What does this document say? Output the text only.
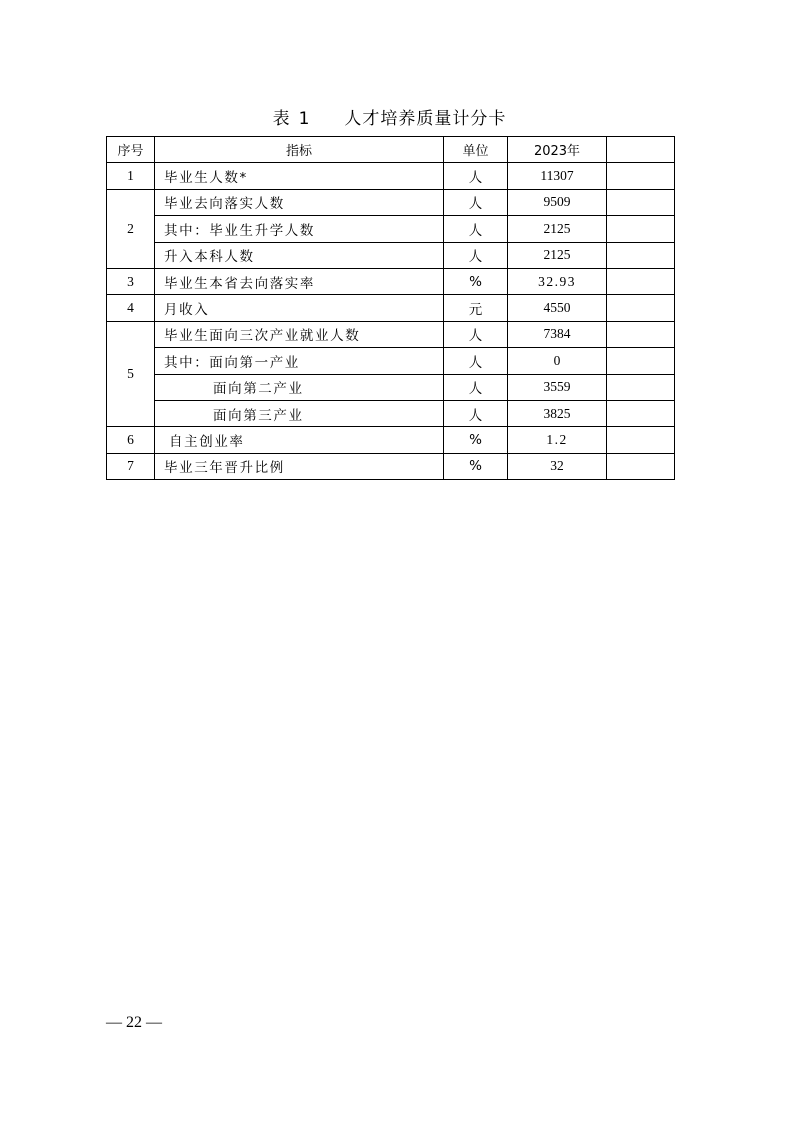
表 1 人才培养质量计分卡
序号	指标	单位	2023年	
1	毕业生人数*	人	11307	
2	毕业去向落实人数	人	9509	
	其中：毕业生升学人数	人	2125	
	升入本科人数	人	2125	
3	毕业生本省去向落实率	%	32.93	
4	月收入	元	4550	
5	毕业生面向三次产业就业人数	人	7384	
	其中：面向第一产业	人	0	
	面向第二产业	人	3559	
	面向第三产业	人	3825	
6	自主创业率	%	1.2	
7	毕业三年晋升比例	%	32	
— 22 —
